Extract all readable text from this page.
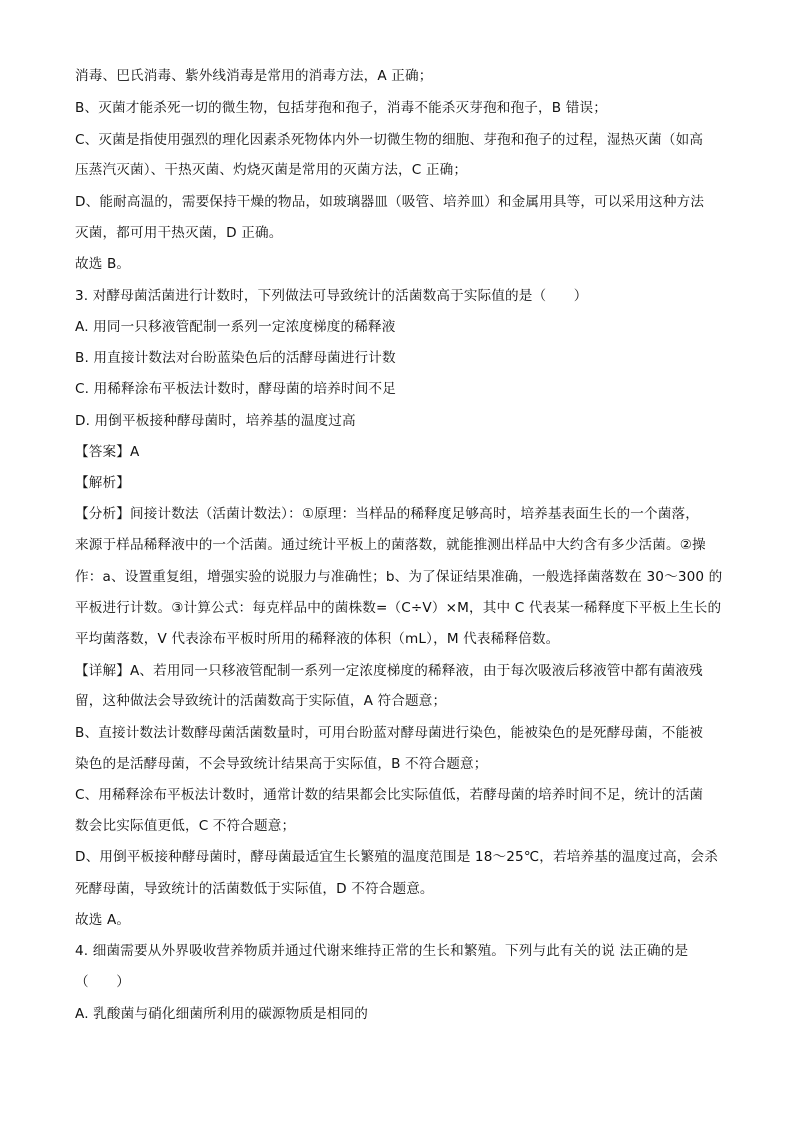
消毒、巴氏消毒、紫外线消毒是常用的消毒方法，A 正确；
B、灭菌才能杀死一切的微生物，包括芽孢和孢子，消毒不能杀灭芽孢和孢子，B 错误；
C、灭菌是指使用强烈的理化因素杀死物体内外一切微生物的细胞、芽孢和孢子的过程，湿热灭菌（如高
压蒸汽灭菌）、干热灭菌、灼烧灭菌是常用的灭菌方法，C 正确；
D、能耐高温的，需要保持干燥的物品，如玻璃器皿（吸管、培养皿）和金属用具等，可以采用这种方法
灭菌，都可用干热灭菌，D 正确。
故选 B。
3. 对酵母菌活菌进行计数时，下列做法可导致统计的活菌数高于实际值的是（　　）
A. 用同一只移液管配制一系列一定浓度梯度的稀释液
B. 用直接计数法对台盼蓝染色后的活酵母菌进行计数
C. 用稀释涂布平板法计数时，酵母菌的培养时间不足
D. 用倒平板接种酵母菌时，培养基的温度过高
【答案】A
【解析】
【分析】间接计数法（活菌计数法）：①原理：当样品的稀释度足够高时，培养基表面生长的一个菌落，
来源于样品稀释液中的一个活菌。通过统计平板上的菌落数，就能推测出样品中大约含有多少活菌。②操
作：a、设置重复组，增强实验的说服力与准确性；b、为了保证结果准确，一般选择菌落数在 30～300 的
平板进行计数。③计算公式：每克样品中的菌株数=（C÷V）×M，其中 C 代表某一稀释度下平板上生长的
平均菌落数，V 代表涂布平板时所用的稀释液的体积（mL），M 代表稀释倍数。
【详解】A、若用同一只移液管配制一系列一定浓度梯度的稀释液，由于每次吸液后移液管中都有菌液残
留，这种做法会导致统计的活菌数高于实际值，A 符合题意；
B、直接计数法计数酵母菌活菌数量时，可用台盼蓝对酵母菌进行染色，能被染色的是死酵母菌，不能被
染色的是活酵母菌，不会导致统计结果高于实际值，B 不符合题意；
C、用稀释涂布平板法计数时，通常计数的结果都会比实际值低，若酵母菌的培养时间不足，统计的活菌
数会比实际值更低，C 不符合题意；
D、用倒平板接种酵母菌时，酵母菌最适宜生长繁殖的温度范围是 18～25℃，若培养基的温度过高，会杀
死酵母菌，导致统计的活菌数低于实际值，D 不符合题意。
故选 A。
4. 细菌需要从外界吸收营养物质并通过代谢来维持正常的生长和繁殖。下列与此有关的说 法正确的是
（　　）
A. 乳酸菌与硝化细菌所利用的碳源物质是相同的
